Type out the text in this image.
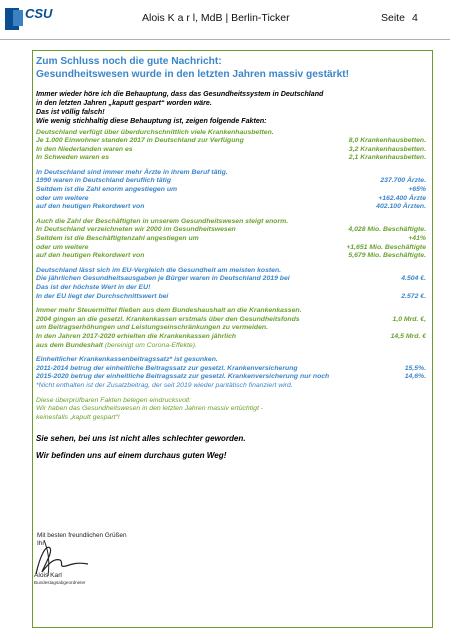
CSU	Alois K a r l, MdB | Berlin-Ticker	Seite 4
Zum Schluss noch die gute Nachricht:
Gesundheitswesen wurde in den letzten Jahren massiv gestärkt!
Immer wieder höre ich die Behauptung, dass das Gesundheitssystem in Deutschland
in den letzten Jahren „kaputt gespart“ worden wäre.
Das ist völlig falsch!
Wie wenig stichhaltig diese Behauptung ist, zeigen folgende Fakten:
Deutschland verfügt über überdurchschnittlich viele Krankenhausbetten.
Je 1.000 Einwohner standen 2017 in Deutschland zur Verfügung	8,0 Krankenhausbetten.
In den Niederlanden waren es	3,2 Krankenhausbetten.
In Schweden waren es	2,1 Krankenhausbetten.
In Deutschland sind immer mehr Ärzte in ihrem Beruf tätig.
1990 waren in Deutschland beruflich tätig	237.700 Ärzte.
Seitdem ist die Zahl enorm angestiegen um	+65%
oder um weitere	+162.400 Ärzte
auf den heutigen Rekordwert von	402.100 Ärzten.
Auch die Zahl der Beschäftigten in unserem Gesundheitswesen steigt enorm.
In Deutschland verzeichneten wir 2000 im Gesundheitswesen	4,028 Mio. Beschäftigte.
Seitdem ist die Beschäftigtenzahl angestiegen um	+41%
oder um weitere	+1,651 Mio. Beschäftigte
auf den heutigen Rekordwert von	5,679 Mio. Beschäftigte.
Deutschland lässt sich im EU-Vergleich die Gesundheit am meisten kosten.
Die jährlichen Gesundheitsausgaben je Bürger waren in Deutschland 2019 bei	4.504 €.
Das ist der höchste Wert in der EU!
In der EU liegt der Durchschnittswert bei	2.572 €.
Immer mehr Steuermittel fließen aus dem Bundeshaushalt an die Krankenkassen.
2004 gingen an die gesetzl. Krankenkassen erstmals über den Gesundheitsfonds	1,0 Mrd. €,
um Beitragserhöhungen und Leistungseinschränkungen zu vermeiden.
In den Jahren 2017-2020 erhielten die Krankenkassen jährlich	14,5 Mrd. €
aus dem Bundeshalt (bereinigt um Corona-Effekte).
Einheitlicher Krankenkassenbeitragssatz* ist gesunken.
2011-2014 betrug der einheitliche Beitragssatz zur gesetzl. Krankenversicherung	15,5%.
2015-2020 betrug der einheitliche Beitragssatz zur gesetzl. Krankenversicherung nur noch	14,6%.
*Nicht enthalten ist der Zusatzbeitrag, der seit 2019 wieder paritätisch finanziert wird.
Diese überprüfbaren Fakten belegen eindrucksvoll:
Wir haben das Gesundheitswesen in den letzten Jahren massiv ertüchtigt -
keinesfalls „kaputt gespart“!
Sie sehen, bei uns ist nicht alles schlechter geworden.
Wir befinden uns auf einem durchaus guten Weg!
Mit besten freundlichen Grüßen
Ihr
Alois Karl
Bundestagsabgeordneter
